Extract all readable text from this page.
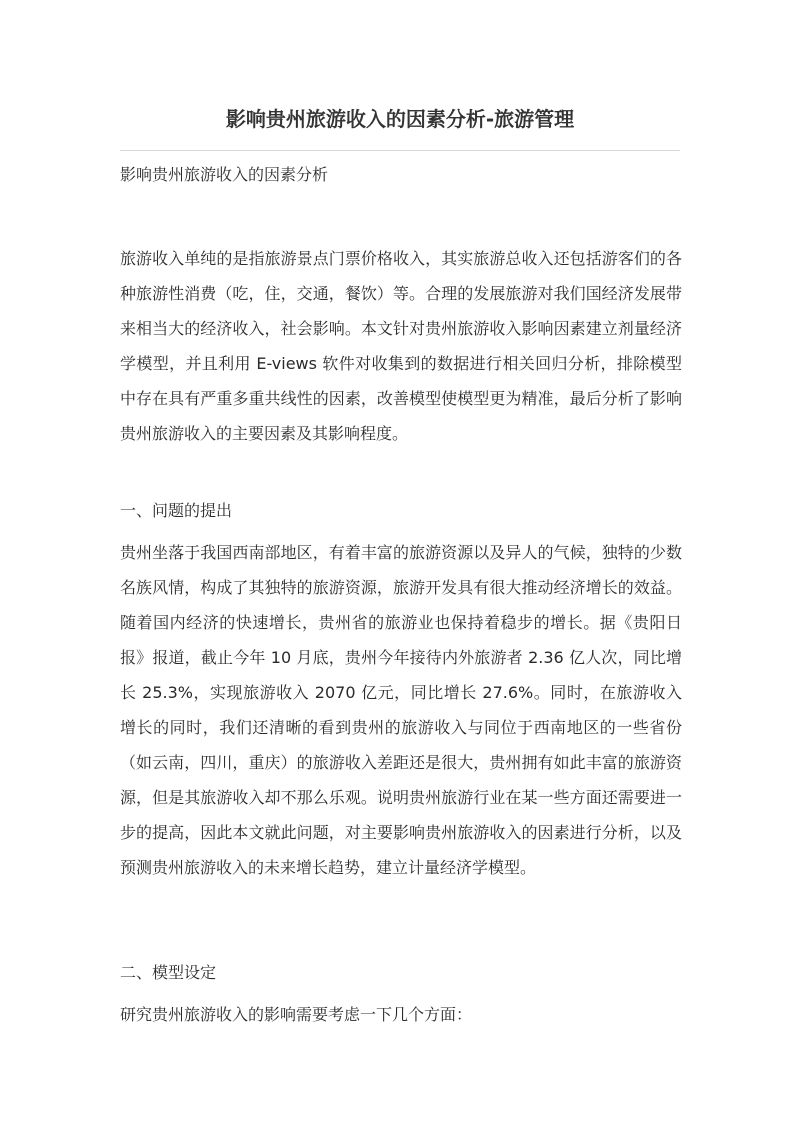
影响贵州旅游收入的因素分析-旅游管理

影响贵州旅游收入的因素分析

旅游收入单纯的是指旅游景点门票价格收入，其实旅游总收入还包括游客们的各种旅游性消费（吃，住，交通，餐饮）等。合理的发展旅游对我们国经济发展带来相当大的经济收入，社会影响。本文针对贵州旅游收入影响因素建立剂量经济学模型，并且利用 E-views 软件对收集到的数据进行相关回归分析，排除模型中存在具有严重多重共线性的因素，改善模型使模型更为精准，最后分析了影响贵州旅游收入的主要因素及其影响程度。

一、问题的提出

贵州坐落于我国西南部地区，有着丰富的旅游资源以及异人的气候，独特的少数名族风情，构成了其独特的旅游资源，旅游开发具有很大推动经济增长的效益。随着国内经济的快速增长，贵州省的旅游业也保持着稳步的增长。据《贵阳日报》报道，截止今年 10 月底，贵州今年接待内外旅游者 2.36 亿人次，同比增长 25.3%，实现旅游收入 2070 亿元，同比增长 27.6%。同时，在旅游收入增长的同时，我们还清晰的看到贵州的旅游收入与同位于西南地区的一些省份（如云南，四川，重庆）的旅游收入差距还是很大，贵州拥有如此丰富的旅游资源，但是其旅游收入却不那么乐观。说明贵州旅游行业在某一些方面还需要进一步的提高，因此本文就此问题，对主要影响贵州旅游收入的因素进行分析，以及预测贵州旅游收入的未来增长趋势，建立计量经济学模型。

二、模型设定

研究贵州旅游收入的影响需要考虑一下几个方面：
